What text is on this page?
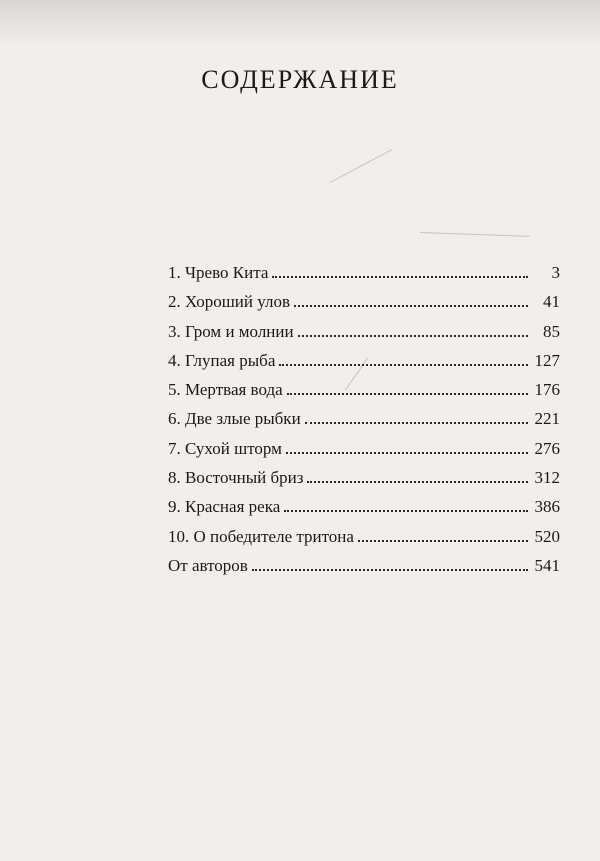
СОДЕРЖАНИЕ
1. Чрево Кита	3
2. Хороший улов	41
3. Гром и молнии	85
4. Глупая рыба	127
5. Мертвая вода	176
6. Две злые рыбки	221
7. Сухой шторм	276
8. Восточный бриз	312
9. Красная река	386
10. О победителе тритона	520
От авторов	541
